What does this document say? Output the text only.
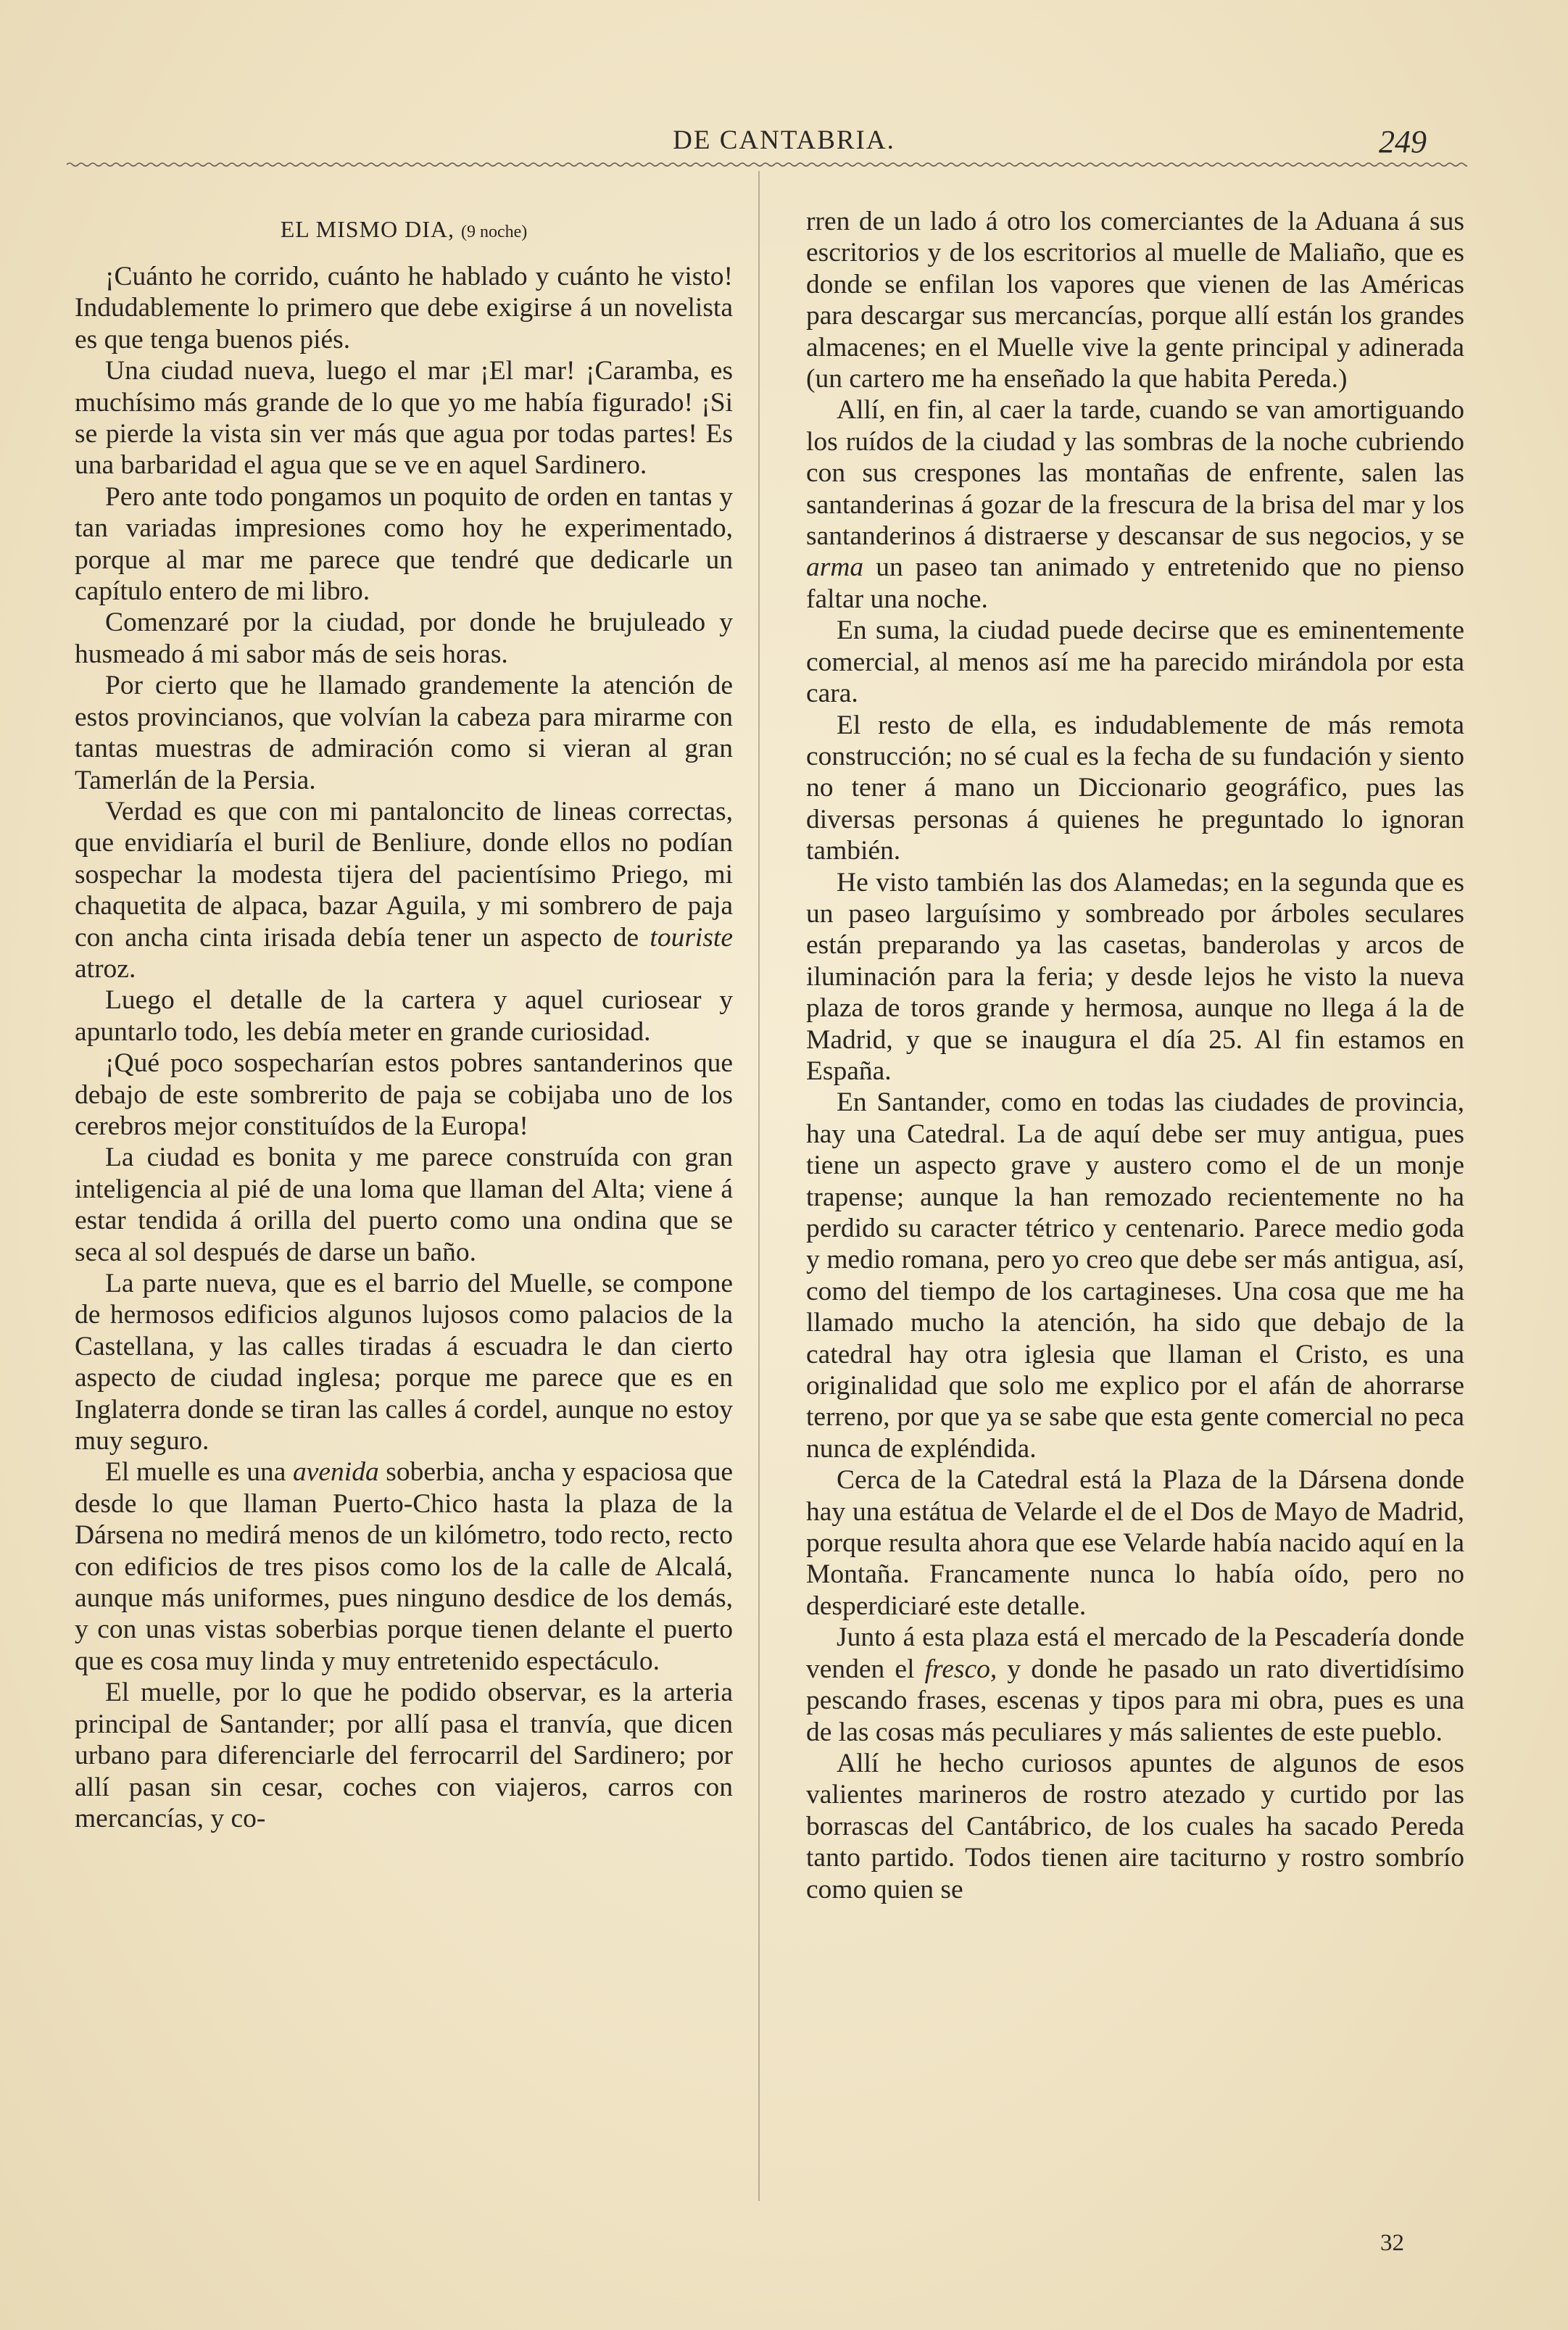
DE CANTABRIA.	249
EL MISMO DIA, (9 noche)

¡Cuánto he corrido, cuánto he hablado y cuánto he visto! Indudablemente lo primero que debe exigirse á un novelista es que tenga buenos piés.

Una ciudad nueva, luego el mar ¡El mar! ¡Caramba, es muchísimo más grande de lo que yo me había figurado! ¡Si se pierde la vista sin ver más que agua por todas partes! Es una barbaridad el agua que se ve en aquel Sardinero.

Pero ante todo pongamos un poquito de orden en tantas y tan variadas impresiones como hoy he experimentado, porque al mar me parece que tendré que dedicarle un capítulo entero de mi libro.

Comenzaré por la ciudad, por donde he brujuleado y husmeado á mi sabor más de seis horas.

Por cierto que he llamado grandemente la atención de estos provincianos, que volvían la cabeza para mirarme con tantas muestras de admiración como si vieran al gran Tamerlán de la Persia.

Verdad es que con mi pantaloncito de lineas correctas, que envidiaría el buril de Benliure, donde ellos no podían sospechar la modesta tijera del pacientísimo Priego, mi chaquetita de alpaca, bazar Aguila, y mi sombrero de paja con ancha cinta irisada debía tener un aspecto de touriste atroz.

Luego el detalle de la cartera y aquel curiosear y apuntarlo todo, les debía meter en grande curiosidad.

¡Qué poco sospecharían estos pobres santanderinos que debajo de este sombrerito de paja se cobijaba uno de los cerebros mejor constituídos de la Europa!

La ciudad es bonita y me parece construída con gran inteligencia al pié de una loma que llaman del Alta; viene á estar tendida á orilla del puerto como una ondina que se seca al sol después de darse un baño.

La parte nueva, que es el barrio del Muelle, se compone de hermosos edificios algunos lujosos como palacios de la Castellana, y las calles tiradas á escuadra le dan cierto aspecto de ciudad inglesa; porque me parece que es en Inglaterra donde se tiran las calles á cordel, aunque no estoy muy seguro.

El muelle es una avenida soberbia, ancha y espaciosa que desde lo que llaman Puerto-Chico hasta la plaza de la Dársena no medirá menos de un kilómetro, todo recto, recto con edificios de tres pisos como los de la calle de Alcalá, aunque más uniformes, pues ninguno desdice de los demás, y con unas vistas soberbias porque tienen delante el puerto que es cosa muy linda y muy entretenido espectáculo.

El muelle, por lo que he podido observar, es la arteria principal de Santander; por allí pasa el tranvía, que dicen urbano para diferenciarle del ferrocarril del Sardinero; por allí pasan sin cesar, coches con viajeros, carros con mercancías, y co-

rren de un lado á otro los comerciantes de la Aduana á sus escritorios y de los escritorios al muelle de Maliaño, que es donde se enfilan los vapores que vienen de las Américas para descargar sus mercancías, porque allí están los grandes almacenes; en el Muelle vive la gente principal y adinerada (un cartero me ha enseñado la que habita Pereda.)

Allí, en fin, al caer la tarde, cuando se van amortiguando los ruídos de la ciudad y las sombras de la noche cubriendo con sus crespones las montañas de enfrente, salen las santanderinas á gozar de la frescura de la brisa del mar y los santanderinos á distraerse y descansar de sus negocios, y se arma un paseo tan animado y entretenido que no pienso faltar una noche.

En suma, la ciudad puede decirse que es eminentemente comercial, al menos así me ha parecido mirándola por esta cara.

El resto de ella, es indudablemente de más remota construcción; no sé cual es la fecha de su fundación y siento no tener á mano un Diccionario geográfico, pues las diversas personas á quienes he preguntado lo ignoran también.

He visto también las dos Alamedas; en la segunda que es un paseo larguísimo y sombreado por árboles seculares están preparando ya las casetas, banderolas y arcos de iluminación para la feria; y desde lejos he visto la nueva plaza de toros grande y hermosa, aunque no llega á la de Madrid, y que se inaugura el día 25. Al fin estamos en España.

En Santander, como en todas las ciudades de provincia, hay una Catedral. La de aquí debe ser muy antigua, pues tiene un aspecto grave y austero como el de un monje trapense; aunque la han remozado recientemente no ha perdido su caracter tétrico y centenario. Parece medio goda y medio romana, pero yo creo que debe ser más antigua, así, como del tiempo de los cartagineses. Una cosa que me ha llamado mucho la atención, ha sido que debajo de la catedral hay otra iglesia que llaman el Cristo, es una originalidad que solo me explico por el afán de ahorrarse terreno, por que ya se sabe que esta gente comercial no peca nunca de expléndida.

Cerca de la Catedral está la Plaza de la Dársena donde hay una estátua de Velarde el de el Dos de Mayo de Madrid, porque resulta ahora que ese Velarde había nacido aquí en la Montaña. Francamente nunca lo había oído, pero no desperdiciaré este detalle.

Junto á esta plaza está el mercado de la Pescadería donde venden el fresco, y donde he pasado un rato divertidísimo pescando frases, escenas y tipos para mi obra, pues es una de las cosas más peculiares y más salientes de este pueblo.

Allí he hecho curiosos apuntes de algunos de esos valientes marineros de rostro atezado y curtido por las borrascas del Cantábrico, de los cuales ha sacado Pereda tanto partido. Todos tienen aire taciturno y rostro sombrío como quien se

32
